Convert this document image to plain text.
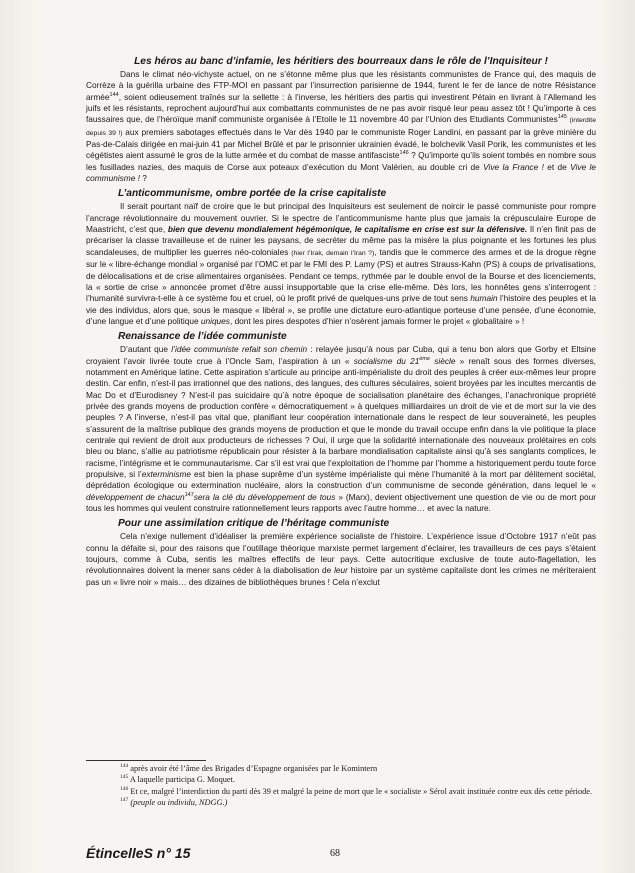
Les héros au banc d’infamie, les héritiers des bourreaux dans le rôle de l’Inquisiteur !

Dans le climat néo-vichyste actuel, on ne s’étonne même plus que les résistants communistes de France qui, des maquis de Corrèze à la guérilla urbaine des FTP-MOI en passant par l’insurrection parisienne de 1944, furent le fer de lance de notre Résistance armée$^{144}$, soient odieusement traînés sur la sellette : à l’inverse, les héritiers des partis qui investirent Pétain en livrant à l’Allemand les juifs et les résistants, reprochent aujourd’hui aux combattants communistes de ne pas avoir risqué leur peau assez tôt ! Qu’importe à ces faussaires que, de l’héroïque manif communiste organisée à l’Etoile le 11 novembre 40 par l’Union des Etudiants Communistes$^{145}$ (interdite depuis 39 !) aux premiers sabotages effectués dans le Var dès 1940 par le communiste Roger Landini, en passant par la grève minière du Pas-de-Calais dirigée en mai-juin 41 par Michel Brûlé et par le prisonnier ukrainien évadé, le bolchevik Vasil Porik, les communistes et les cégétistes aient assumé le gros de la lutte armée et du combat de masse antifasciste$^{146}$ ? Qu’importe qu’ils soient tombés en nombre sous les fusillades nazies, des maquis de Corse aux poteaux d’exécution du Mont Valérien, au double cri de Vive la France ! et de Vive le communisme ! ?

L’anticommunisme, ombre portée de la crise capitaliste

Il serait pourtant naïf de croire que le but principal des Inquisiteurs est seulement de noircir le passé communiste pour rompre l’ancrage révolutionnaire du mouvement ouvrier. Si le spectre de l’anticommunisme hante plus que jamais la crépusculaire Europe de Maastricht, c’est que, bien que devenu mondialement hégémonique, le capitalisme en crise est sur la défensive. Il n’en finit pas de précariser la classe travailleuse et de ruiner les paysans, de secréter du même pas la misère la plus poignante et les fortunes les plus scandaleuses, de multiplier les guerres néo-coloniales (hier l’Irak, demain l’Iran ?), tandis que le commerce des armes et de la drogue règne sur le « libre-échange mondial » organisé par l’OMC et par le FMI des P. Lamy (PS) et autres Strauss-Kahn (PS) à coups de privatisations, de délocalisations et de crise alimentaires organisées. Pendant ce temps, rythmée par le double envol de la Bourse et des licenciements, la « sortie de crise » annoncée promet d’être aussi insupportable que la crise elle-même. Dès lors, les honnêtes gens s’interrogent : l’humanité survivra-t-elle à ce système fou et cruel, où le profit privé de quelques-uns prive de tout sens humain l’histoire des peuples et la vie des individus, alors que, sous le masque « libéral », se profile une dictature euro-atlantique porteuse d’une pensée, d’une économie, d’une langue et d’une politique uniques, dont les pires despotes d’hier n’osèrent jamais former le projet « globalitaire » !

Renaissance de l’idée communiste

D’autant que l’idée communiste refait son chemin : relayée jusqu’à nous par Cuba, qui a tenu bon alors que Gorby et Eltsine croyaient l’avoir livrée toute crue à l’Oncle Sam, l’aspiration à un « socialisme du 21ème siècle » renaît sous des formes diverses, notamment en Amérique latine. Cette aspiration s’articule au principe anti-impérialiste du droit des peuples à créer eux-mêmes leur propre destin. Car enfin, n’est-il pas irrationnel que des nations, des langues, des cultures séculaires, soient broyées par les incultes mercantis de Mac Do et d’Eurodisney ? N’est-il pas suicidaire qu’à notre époque de socialisation planétaire des échanges, l’anachronique propriété privée des grands moyens de production confère « démocratiquement » à quelques milliardaires un droit de vie et de mort sur la vie des peuples ? A l’inverse, n’est-il pas vital que, planifiant leur coopération internationale dans le respect de leur souveraineté, les peuples s’assurent de la maîtrise publique des grands moyens de production et que le monde du travail occupe enfin dans la vie politique la place centrale qui revient de droit aux producteurs de richesses ? Oui, il urge que la solidarité internationale des nouveaux prolétaires en cols bleu ou blanc, s’allie au patriotisme républicain pour résister à la barbare mondialisation capitaliste ainsi qu’à ses sanglants complices, le racisme, l’intégrisme et le communautarisme. Car s’il est vrai que l’exploitation de l’homme par l’homme a historiquement perdu toute force propulsive, si l’exterminisme est bien la phase suprême d’un système impérialiste qui mène l’humanité à la mort par délitement sociétal, déprédation écologique ou extermination nucléaire, alors la construction d’un communisme de seconde génération, dans lequel le « développement de chacun$^{147}$sera la clé du développement de tous » (Marx), devient objectivement une question de vie ou de mort pour tous les hommes qui veulent construire rationnellement leurs rapports avec l’autre homme… et avec la nature.

Pour une assimilation critique de l’héritage communiste

Cela n’exige nullement d’idéaliser la première expérience socialiste de l’histoire. L’expérience issue d’Octobre 1917 n’eût pas connu la défaite si, pour des raisons que l’outillage théorique marxiste permet largement d’éclairer, les travailleurs de ces pays s’étaient toujours, comme à Cuba, sentis les maîtres effectifs de leur pays. Cette autocritique exclusive de toute auto-flagellation, les révolutionnaires doivent la mener sans céder à la diabolisation de leur histoire par un système capitaliste dont les crimes ne mériteraient pas un « livre noir » mais… des dizaines de bibliothèques brunes ! Cela n’exclut

$^{144}$ après avoir été l’âme des Brigades d’Espagne organisées par le Komintern

$^{145}$ A laquelle participa G. Moquet.

$^{146}$ Et ce, malgré l’interdiction du parti dès 39 et malgré la peine de mort que le « socialiste » Sérol avait instituée contre eux dès cette période.

$^{147}$ (peuple ou individu, NDGG.)

ÉtincelleS n° 15	68
